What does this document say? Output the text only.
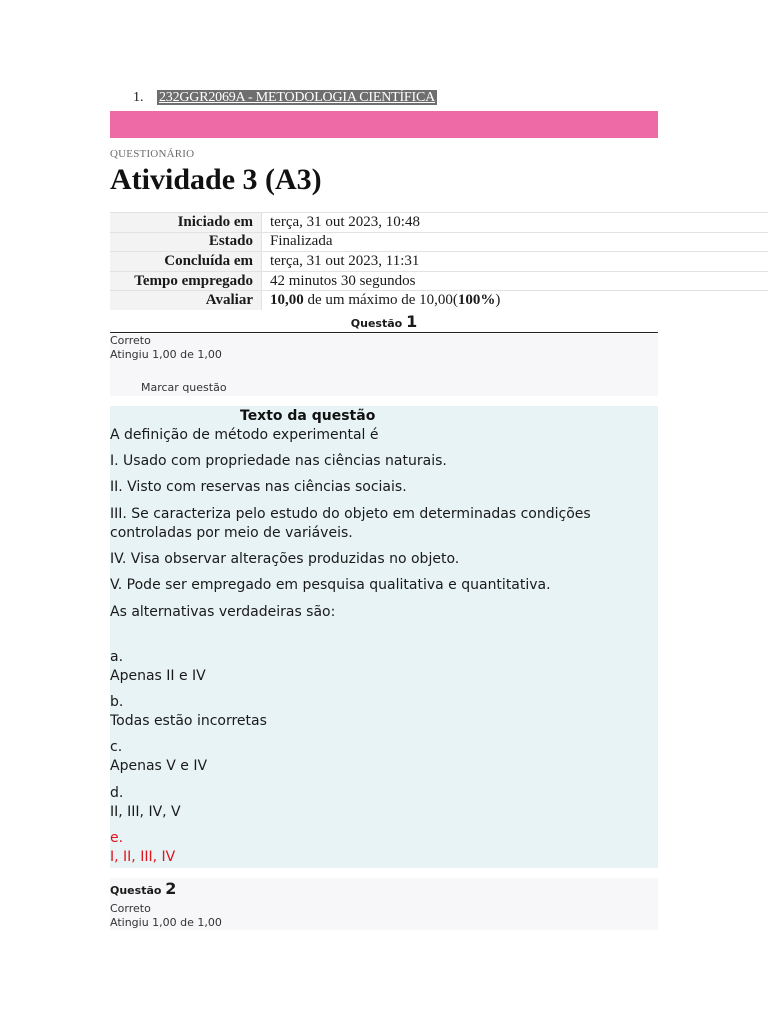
1. 232GGR2069A - METODOLOGIA CIENTÍFICA
QUESTIONÁRIO
Atividade 3 (A3)
Iniciado em	terça, 31 out 2023, 10:48
Estado	Finalizada
Concluída em	terça, 31 out 2023, 11:31
Tempo empregado	42 minutos 30 segundos
Avaliar	10,00 de um máximo de 10,00(100%)
Questão 1
Correto
Atingiu 1,00 de 1,00
Marcar questão
Texto da questão
A definição de método experimental é
I. Usado com propriedade nas ciências naturais.
II. Visto com reservas nas ciências sociais.
III. Se caracteriza pelo estudo do objeto em determinadas condições controladas por meio de variáveis.
IV. Visa observar alterações produzidas no objeto.
V. Pode ser empregado em pesquisa qualitativa e quantitativa.
As alternativas verdadeiras são:
a.
Apenas II e IV
b.
Todas estão incorretas
c.
Apenas V e IV
d.
II, III, IV, V
e.
I, II, III, IV
Questão 2
Correto
Atingiu 1,00 de 1,00
